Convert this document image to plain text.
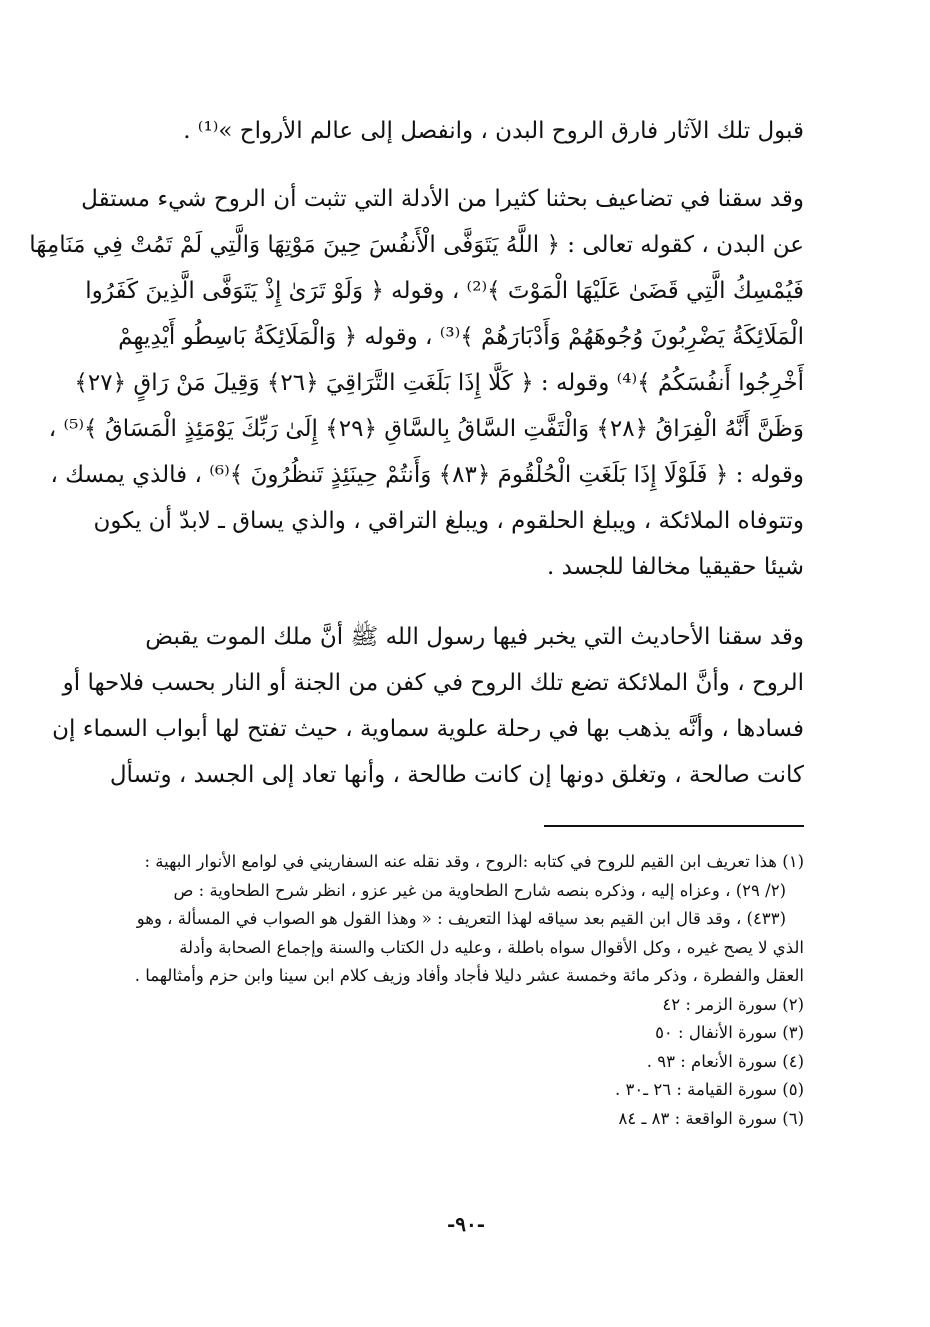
قبول تلك الآثار فارق الروح البدن ، وانفصل إلى عالم الأرواح »⁽¹⁾ .

وقد سقنا في تضاعيف بحثنا كثيرا من الأدلة التي تثبت أن الروح شيء مستقل
عن البدن ، كقوله تعالى : ﴿ اللَّهُ يَتَوَفَّى الْأَنفُسَ حِينَ مَوْتِهَا وَالَّتِي لَمْ تَمُتْ فِي مَنَامِهَا
فَيُمْسِكُ الَّتِي قَضَىٰ عَلَيْهَا الْمَوْتَ ﴾⁽²⁾ ، وقوله ﴿ وَلَوْ تَرَىٰ إِذْ يَتَوَفَّى الَّذِينَ كَفَرُوا
الْمَلَائِكَةُ يَضْرِبُونَ وُجُوهَهُمْ وَأَدْبَارَهُمْ ﴾⁽³⁾ ، وقوله ﴿ وَالْمَلَائِكَةُ بَاسِطُو أَيْدِيهِمْ
أَخْرِجُوا أَنفُسَكُمُ ﴾⁽⁴⁾ وقوله : ﴿ كَلَّا إِذَا بَلَغَتِ التَّرَاقِيَ ﴿٢٦﴾ وَقِيلَ مَنْ رَاقٍ ﴿٢٧﴾
وَظَنَّ أَنَّهُ الْفِرَاقُ ﴿٢٨﴾ وَالْتَفَّتِ السَّاقُ بِالسَّاقِ ﴿٢٩﴾ إِلَىٰ رَبِّكَ يَوْمَئِذٍ الْمَسَاقُ ﴾⁽⁵⁾ ،
وقوله : ﴿ فَلَوْلَا إِذَا بَلَغَتِ الْحُلْقُومَ ﴿٨٣﴾ وَأَنتُمْ حِينَئِذٍ تَنظُرُونَ ﴾⁽⁶⁾ ، فالذي يمسك ،
وتتوفاه الملائكة ، ويبلغ الحلقوم ، ويبلغ التراقي ، والذي يساق ـ لابدّ أن يكون
شيئا حقيقيا مخالفا للجسد .

وقد سقنا الأحاديث التي يخبر فيها رسول الله ﷺ أنَّ ملك الموت يقبض
الروح ، وأنَّ الملائكة تضع تلك الروح في كفن من الجنة أو النار بحسب فلاحها أو
فسادها ، وأنَّه يذهب بها في رحلة علوية سماوية ، حيث تفتح لها أبواب السماء إن
كانت صالحة ، وتغلق دونها إن كانت طالحة ، وأنها تعاد إلى الجسد ، وتسأل

(١) هذا تعريف ابن القيم للروح في كتابه :الروح ، وقد نقله عنه السفاريني في لوامع الأنوار البهية :
(٢/ ٢٩) ، وعزاه إليه ، وذكره بنصه شارح الطحاوية من غير عزو ، انظر شرح الطحاوية : ص
(٤٣٣) ، وقد قال ابن القيم بعد سياقه لهذا التعريف : « وهذا القول هو الصواب في المسألة ، وهو
الذي لا يصح غيره ، وكل الأقوال سواه باطلة ، وعليه دل الكتاب والسنة وإجماع الصحابة وأدلة
العقل والفطرة ، وذكر مائة وخمسة عشر دليلا فأجاد وأفاد وزيف كلام ابن سينا وابن حزم وأمثالهما .
(٢) سورة الزمر : ٤٢
(٣) سورة الأنفال : ٥٠
(٤) سورة الأنعام : ٩٣ .
(٥) سورة القيامة : ٢٦ ـ٣٠ .
(٦) سورة الواقعة : ٨٣ ـ ٨٤
-٩٠-
